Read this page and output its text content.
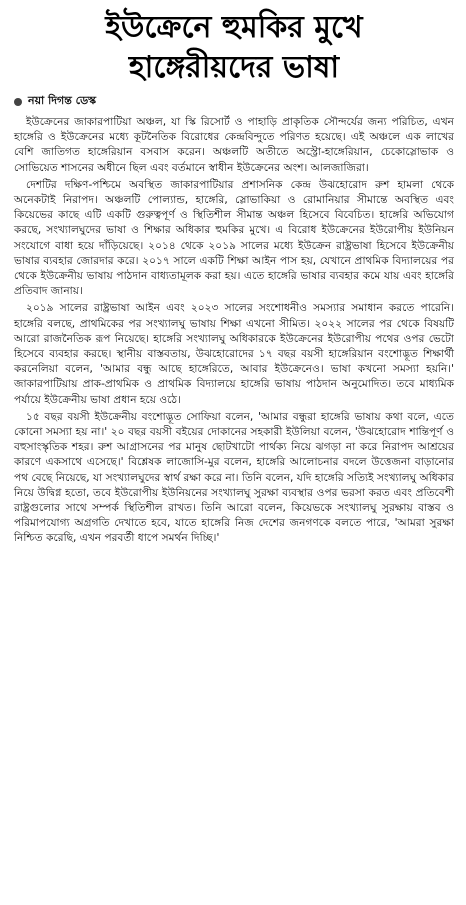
ইউক্রেনে হুমকির মুখে
হাঙ্গেরীয়দের ভাষা
নয়া দিগন্ত ডেস্ক

ইউক্রেনের জাকারপাটিয়া অঞ্চল, যা স্কি রিসোর্ট ও পাহাড়ি প্রাকৃতিক সৌন্দর্যের জন্য পরিচিত, এখন হাঙ্গেরি ও ইউক্রেনের মধ্যে কূটনৈতিক বিরোধের কেন্দ্রবিন্দুতে পরিণত হয়েছে। এই অঞ্চলে এক লাখের বেশি জাতিগত হাঙ্গেরিয়ান বসবাস করেন। অঞ্চলটি অতীতে অস্ট্রো-হাঙ্গেরিয়ান, চেকোস্লোভাক ও সোভিয়েত শাসনের অধীনে ছিল এবং বর্তমানে স্বাধীন ইউক্রেনের অংশ। আলজাজিরা।

দেশটির দক্ষিণ-পশ্চিমে অবস্থিত জাকারপাটিয়ার প্রশাসনিক কেন্দ্র উঝহোরোদ রুশ হামলা থেকে অনেকটাই নিরাপদ। অঞ্চলটি পোল্যান্ড, হাঙ্গেরি, স্লোভাকিয়া ও রোমানিয়ার সীমান্তে অবস্থিত এবং কিয়েভের কাছে এটি একটি গুরুত্বপূর্ণ ও স্থিতিশীল সীমান্ত অঞ্চল হিসেবে বিবেচিত। হাঙ্গেরি অভিযোগ করছে, সংখ্যালঘুদের ভাষা ও শিক্ষার অধিকার হুমকির মুখে। এ বিরোধ ইউক্রেনের ইউরোপীয় ইউনিয়ন সংযোগে বাধা হয়ে দাঁড়িয়েছে। ২০১৪ থেকে ২০১৯ সালের মধ্যে ইউক্রেন রাষ্ট্রভাষা হিসেবে ইউক্রেনীয় ভাষার ব্যবহার জোরদার করে। ২০১৭ সালে একটি শিক্ষা আইন পাস হয়, যেখানে প্রাথমিক বিদ্যালয়ের পর থেকে ইউক্রেনীয় ভাষায় পাঠদান বাধ্যতামূলক করা হয়। এতে হাঙ্গেরি ভাষার ব্যবহার কমে যায় এবং হাঙ্গেরি প্রতিবাদ জানায়।

২০১৯ সালের রাষ্ট্রভাষা আইন এবং ২০২৩ সালের সংশোধনীও সমস্যার সমাধান করতে পারেনি। হাঙ্গেরি বলছে, প্রাথমিকের পর সংখ্যালঘু ভাষায় শিক্ষা এখনো সীমিত। ২০২২ সালের পর থেকে বিষয়টি আরো রাজনৈতিক রূপ নিয়েছে। হাঙ্গেরি সংখ্যালঘু অধিকারকে ইউক্রেনের ইউরোপীয় পথের ওপর ভেটো হিসেবে ব্যবহার করছে। স্থানীয় বাস্তবতায়, উঝহোরোদের ১৭ বছর বয়সী হাঙ্গেরিয়ান বংশোদ্ভূত শিক্ষার্থী করনেলিয়া বলেন, 'আমার বন্ধু আছে হাঙ্গেরিতে, আবার ইউক্রেনেও। ভাষা কখনো সমস্যা হয়নি।' জাকারপাটিয়ায় প্রাক-প্রাথমিক ও প্রাথমিক বিদ্যালয়ে হাঙ্গেরি ভাষায় পাঠদান অনুমোদিত। তবে মাধ্যমিক পর্যায়ে ইউক্রেনীয় ভাষা প্রধান হয়ে ওঠে।

১৫ বছর বয়সী ইউক্রেনীয় বংশোদ্ভূত সোফিয়া বলেন, 'আমার বন্ধুরা হাঙ্গেরি ভাষায় কথা বলে, এতে কোনো সমস্যা হয় না।' ২০ বছর বয়সী বইয়ের দোকানের সহকারী ইউলিয়া বলেন, 'উঝহোরোদ শান্তিপূর্ণ ও বহুসাংস্কৃতিক শহর। রুশ আগ্রাসনের পর মানুষ ছোটখাটো পার্থক্য নিয়ে ঝগড়া না করে নিরাপদ আশ্রয়ের কারণে একসাথে এসেছে।' বিশ্লেষক লাজোসি-মুর বলেন, হাঙ্গেরি আলোচনার বদলে উত্তেজনা বাড়ানোর পথ বেছে নিয়েছে, যা সংখ্যালঘুদের স্বার্থ রক্ষা করে না। তিনি বলেন, যদি হাঙ্গেরি সত্যিই সংখ্যালঘু অধিকার নিয়ে উদ্বিগ্ন হতো, তবে ইউরোপীয় ইউনিয়নের সংখ্যালঘু সুরক্ষা ব্যবস্থার ওপর ভরসা করত এবং প্রতিবেশী রাষ্ট্রগুলোর সাথে সম্পর্ক স্থিতিশীল রাখত। তিনি আরো বলেন, কিয়েভকে সংখ্যালঘু সুরক্ষায় বাস্তব ও পরিমাপযোগ্য অগ্রগতি দেখাতে হবে, যাতে হাঙ্গেরি নিজ দেশের জনগণকে বলতে পারে, 'আমরা সুরক্ষা নিশ্চিত করেছি, এখন পরবর্তী ধাপে সমর্থন দিচ্ছি।'
